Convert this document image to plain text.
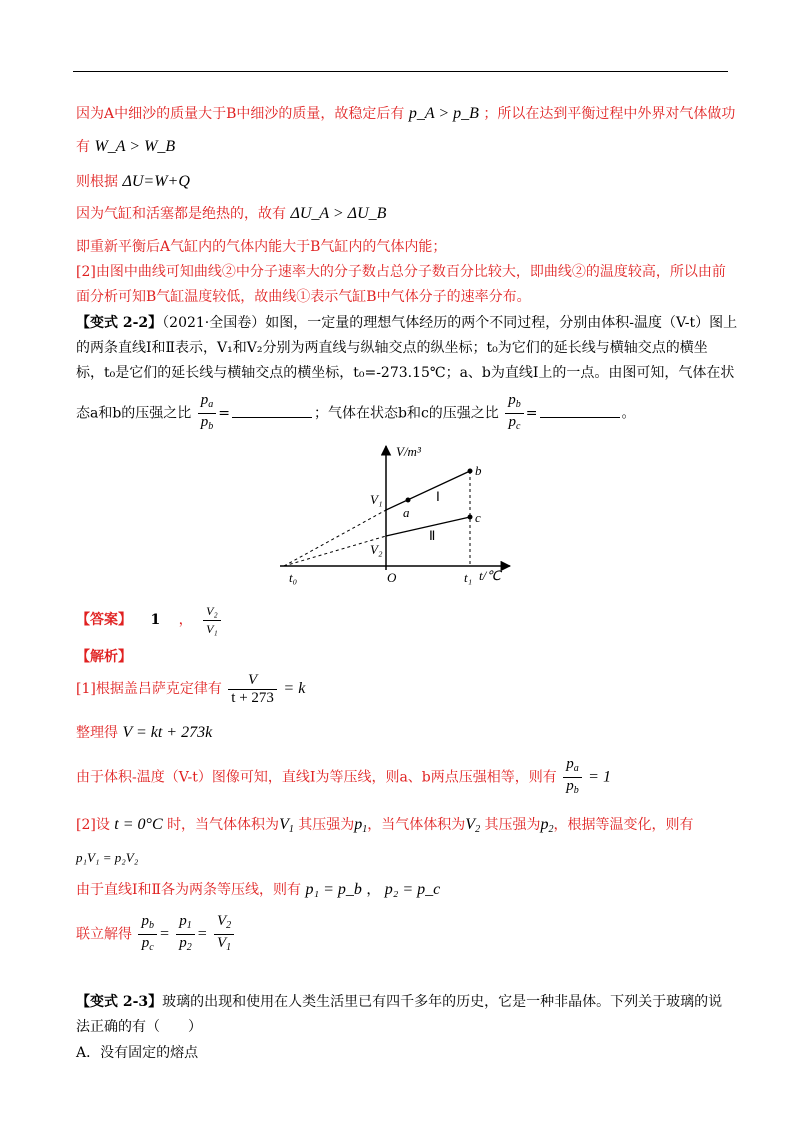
因为A中细沙的质量大于B中细沙的质量，故稳定后有 p_A > p_B ；所以在达到平衡过程中外界对气体做功
有 W_A > W_B
则根据 ΔU=W+Q
因为气缸和活塞都是绝热的，故有 ΔU_A > ΔU_B
即重新平衡后A气缸内的气体内能大于B气缸内的气体内能；
[2]由图中曲线可知曲线②中分子速率大的分子数占总分子数百分比较大，即曲线②的温度较高，所以由前
面分析可知B气缸温度较低，故曲线①表示气缸B中气体分子的速率分布。
【变式 2-2】（2021·全国卷）如图，一定量的理想气体经历的两个不同过程，分别由体积-温度（V-t）图上
的两条直线Ⅰ和Ⅱ表示，V₁和V₂分别为两直线与纵轴交点的纵坐标；t₀为它们的延长线与横轴交点的横坐
标，t₀是它们的延长线与横轴交点的横坐标，t₀=-273.15℃；a、b为直线Ⅰ上的一点。由图可知，气体在状
态a和b的压强之比 $\frac{p_a}{p_b}$ =	；气体在状态b和c的压强之比 $\frac{p_b}{p_c}$ =	。
V/m³
t/℃
O
t₀	t₁
V₁
V₂
Ⅰ
Ⅱ
a
b
c
【答案】 1 ， $\frac{\text{V₂}}{\text{V₁}}$
【解析】
[1]根据盖吕萨克定律有 $\frac{V}{t + 273} = k$
整理得 V = kt + 273k
由于体积-温度（V-t）图像可知，直线Ⅰ为等压线，则a、b两点压强相等，则有 $\frac{p_a}{p_b} = 1$
[2]设 t = 0°C 时，当气体体积为$V_1$ 其压强为$p_1$，当气体体积为$V_2$ 其压强为$p_2$，根据等温变化，则有
p₁V₁ = p₂V₂
由于直线Ⅰ和Ⅱ各为两条等压线，则有 p₁ = p_b ， p₂ = p_c
联立解得 $\frac{p_b}{p_c} = \frac{p_1}{p_2} = \frac{V_2}{V_1}$
【变式 2-3】玻璃的出现和使用在人类生活里已有四千多年的历史，它是一种非晶体。下列关于玻璃的说
法正确的有（　　）
A．没有固定的熔点
